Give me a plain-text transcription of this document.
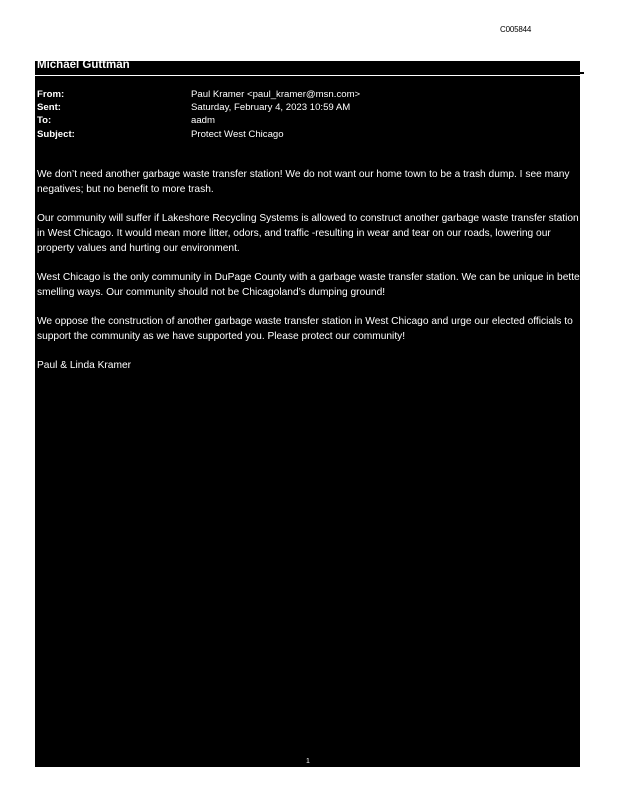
C005844
Michael Guttman
From:	Paul Kramer <paul_kramer@msn.com>
Sent:	Saturday, February 4, 2023 10:59 AM
To:	aadm
Subject:	Protect West Chicago

We don’t need another garbage waste transfer station! We do not want our home town to be a trash dump. I see many negatives; but no benefit to more trash.

Our community will suffer if Lakeshore Recycling Systems is allowed to construct another garbage waste transfer station in West Chicago. It would mean more litter, odors, and traffic -resulting in wear and tear on our roads, lowering our property values and hurting our environment.

West Chicago is the only community in DuPage County with a garbage waste transfer station. We can be unique in better smelling ways. Our community should not be Chicagoland’s dumping ground!

We oppose the construction of another garbage waste transfer station in West Chicago and urge our elected officials to support the community as we have supported you. Please protect our community!

Paul & Linda Kramer

1
